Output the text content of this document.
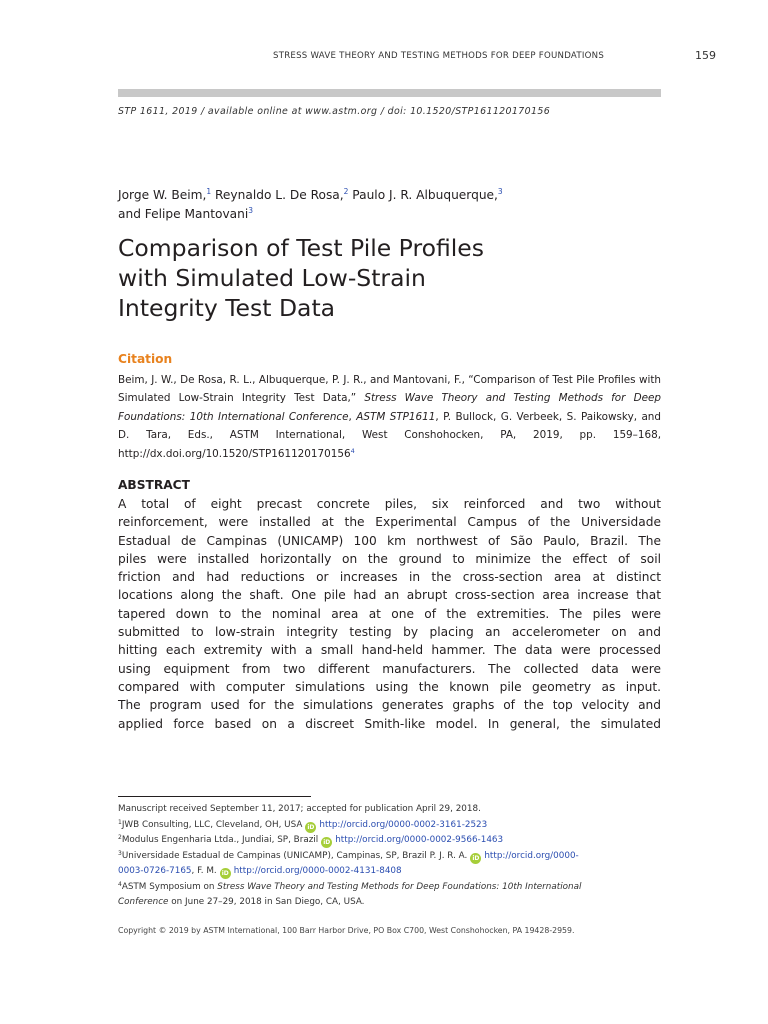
STRESS WAVE THEORY AND TESTING METHODS FOR DEEP FOUNDATIONS	159
STP 1611, 2019 / available online at www.astm.org / doi: 10.1520/STP161120170156
Jorge W. Beim,$^1$ Reynaldo L. De Rosa,$^2$ Paulo J. R. Albuquerque,$^3$
and Felipe Mantovani$^3$
Comparison of Test Pile Profiles
with Simulated Low-Strain
Integrity Test Data
Citation
Beim, J. W., De Rosa, R. L., Albuquerque, P. J. R., and Mantovani, F., “Comparison of Test Pile Profiles with Simulated Low-Strain Integrity Test Data,” Stress Wave Theory and Testing Methods for Deep Foundations: 10th International Conference, ASTM STP1611, P. Bullock, G. Verbeek, S. Paikowsky, and D. Tara, Eds., ASTM International, West Conshohocken, PA, 2019, pp. 159–168, http://dx.doi.org/10.1520/STP161120170156$^4$
ABSTRACT
A total of eight precast concrete piles, six reinforced and two without
reinforcement, were installed at the Experimental Campus of the Universidade
Estadual de Campinas (UNICAMP) 100 km northwest of São Paulo, Brazil. The
piles were installed horizontally on the ground to minimize the effect of soil
friction and had reductions or increases in the cross-section area at distinct
locations along the shaft. One pile had an abrupt cross-section area increase that
tapered down to the nominal area at one of the extremities. The piles were
submitted to low-strain integrity testing by placing an accelerometer on and
hitting each extremity with a small hand-held hammer. The data were processed
using equipment from two different manufacturers. The collected data were
compared with computer simulations using the known pile geometry as input.
The program used for the simulations generates graphs of the top velocity and
applied force based on a discreet Smith-like model. In general, the simulated
Manuscript received September 11, 2017; accepted for publication April 29, 2018.
$^1$JWB Consulting, LLC, Cleveland, OH, USA iD http://orcid.org/0000-0002-3161-2523
$^2$Modulus Engenharia Ltda., Jundiai, SP, Brazil iD http://orcid.org/0000-0002-9566-1463
$^3$Universidade Estadual de Campinas (UNICAMP), Campinas, SP, Brazil P. J. R. A. iD http://orcid.org/0000-
0003-0726-7165, F. M. iD http://orcid.org/0000-0002-4131-8408
$^4$ASTM Symposium on Stress Wave Theory and Testing Methods for Deep Foundations: 10th International
Conference on June 27–29, 2018 in San Diego, CA, USA.
Copyright © 2019 by ASTM International, 100 Barr Harbor Drive, PO Box C700, West Conshohocken, PA 19428-2959.
